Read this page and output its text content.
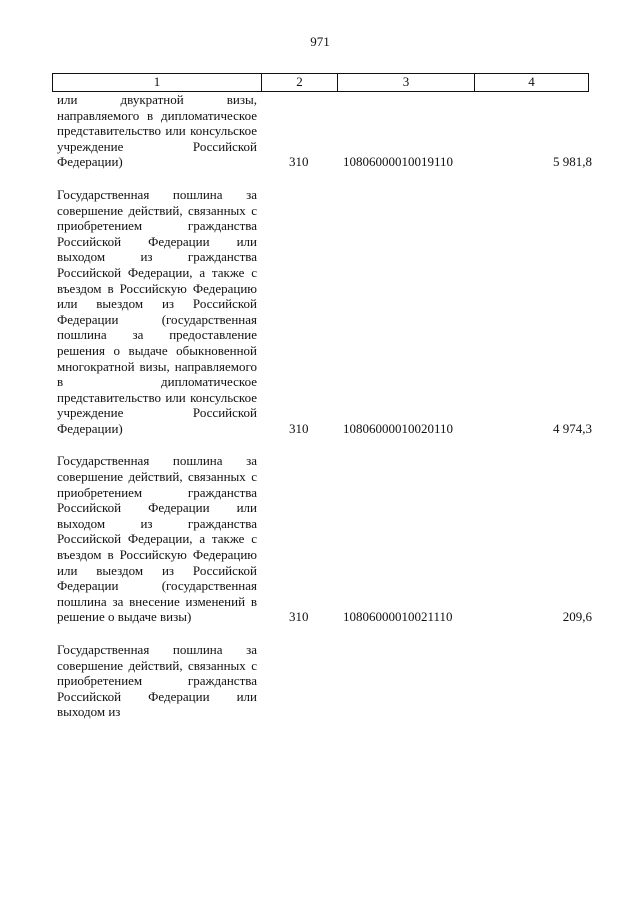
971
1	2	3	4
или двукратной визы, направляемого в дипломатическое представительство или консульское учреждение Российской Федерации)	310	10806000010019110	5 981,8
Государственная пошлина за совершение действий, связанных с приобретением гражданства Российской Федерации или выходом из гражданства Российской Федерации, а также с въездом в Российскую Федерацию или выездом из Российской Федерации (государственная пошлина за предоставление решения о выдаче обыкновенной многократной визы, направляемого в дипломатическое представительство или консульское учреждение Российской Федерации)	310	10806000010020110	4 974,3
Государственная пошлина за совершение действий, связанных с приобретением гражданства Российской Федерации или выходом из гражданства Российской Федерации, а также с въездом в Российскую Федерацию или выездом из Российской Федерации (государственная пошлина за внесение изменений в решение о выдаче визы)	310	10806000010021110	209,6
Государственная пошлина за совершение действий, связанных с приобретением гражданства Российской Федерации или выходом из
